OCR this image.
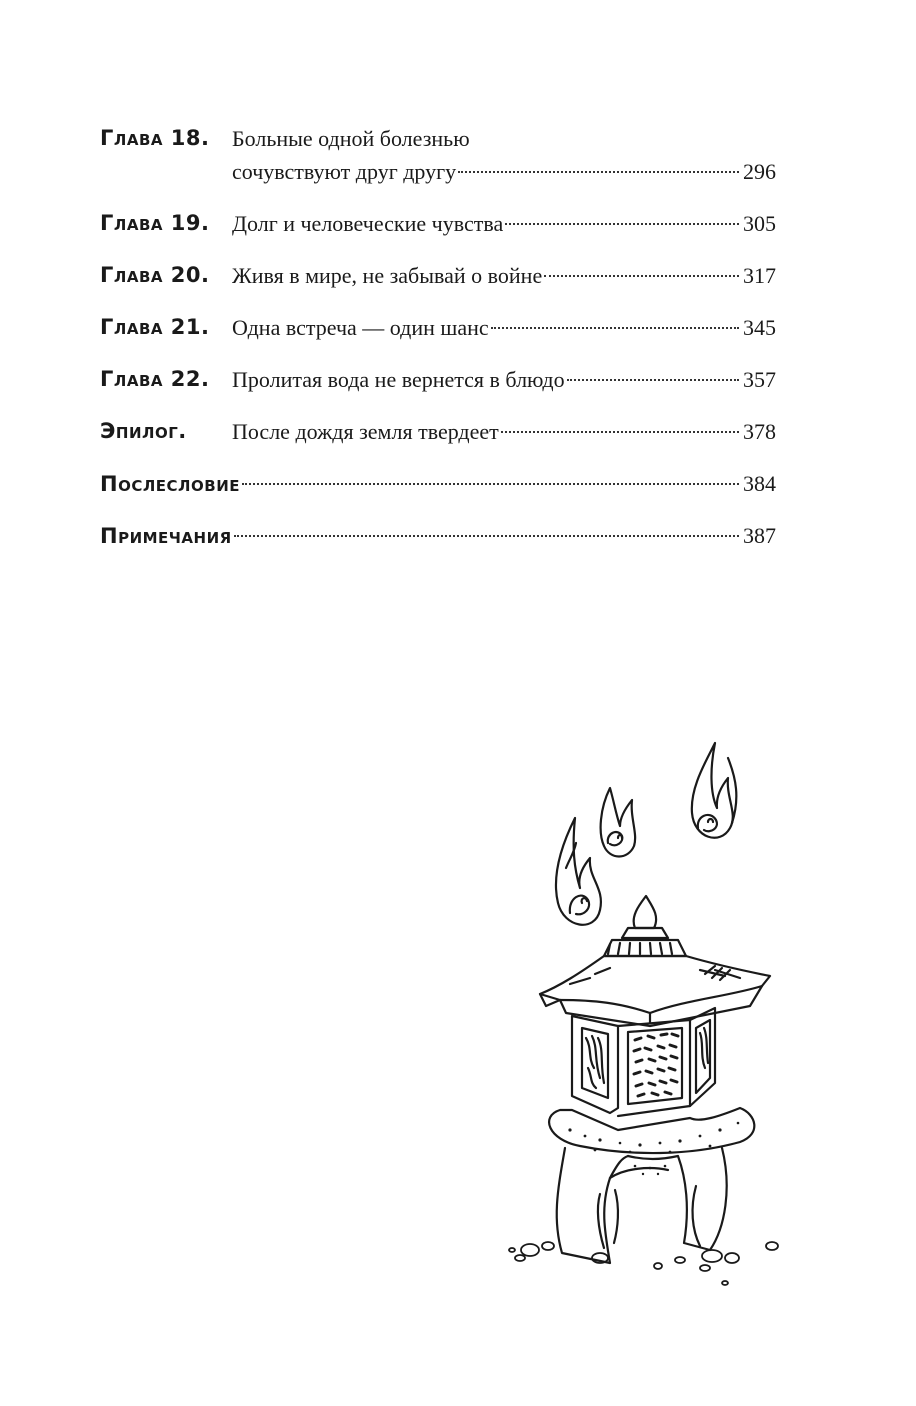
Глава 18. Больные одной болезнью
сочувствуют друг другу	296
Глава 19. Долг и человеческие чувства	305
Глава 20. Живя в мире, не забывай о войне	317
Глава 21. Одна встреча — один шанс	345
Глава 22. Пролитая вода не вернется в блюдо	357
Эпилог. После дождя земля твердеет	378
Послесловие	384
Примечания	387
